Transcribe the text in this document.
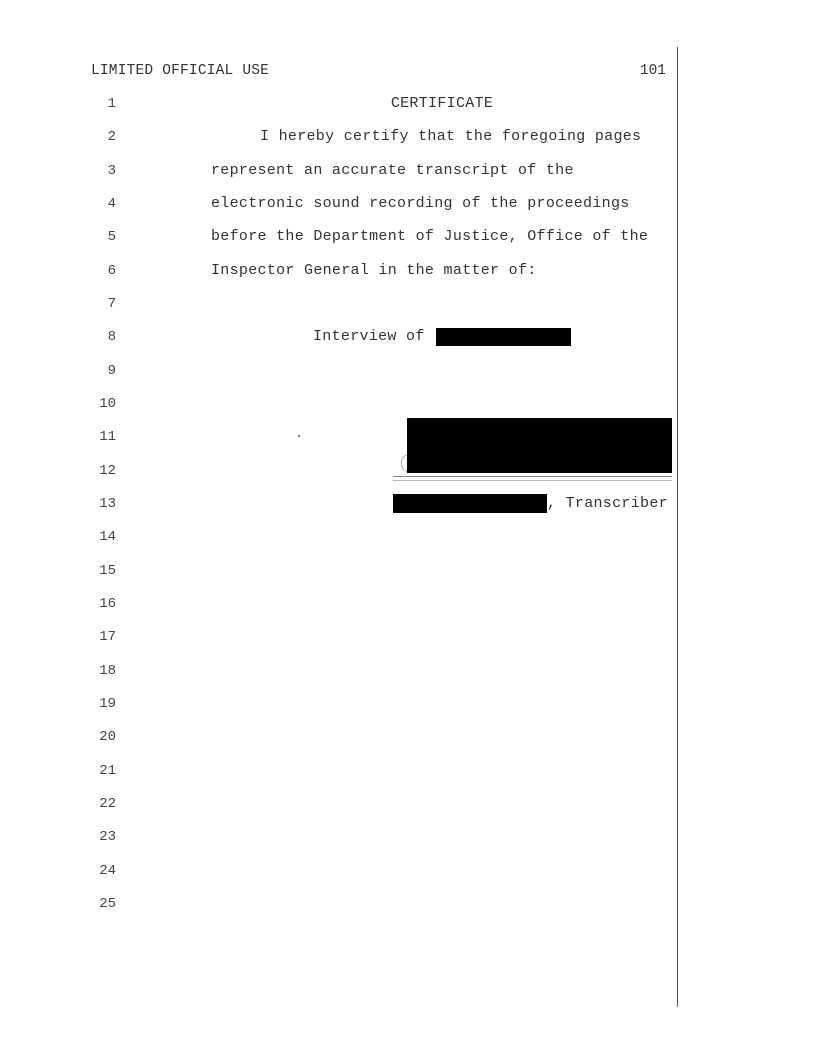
LIMITED OFFICIAL USE	101
1
2
3
4
5
6
7
8
9
10
11
12
13
14
15
16
17
18
19
20
21
22
23
24
25
CERTIFICATE
I hereby certify that the foregoing pages
represent an accurate transcript of the
electronic sound recording of the proceedings
before the Department of Justice, Office of the
Inspector General in the matter of:
Interview of
, Transcriber
